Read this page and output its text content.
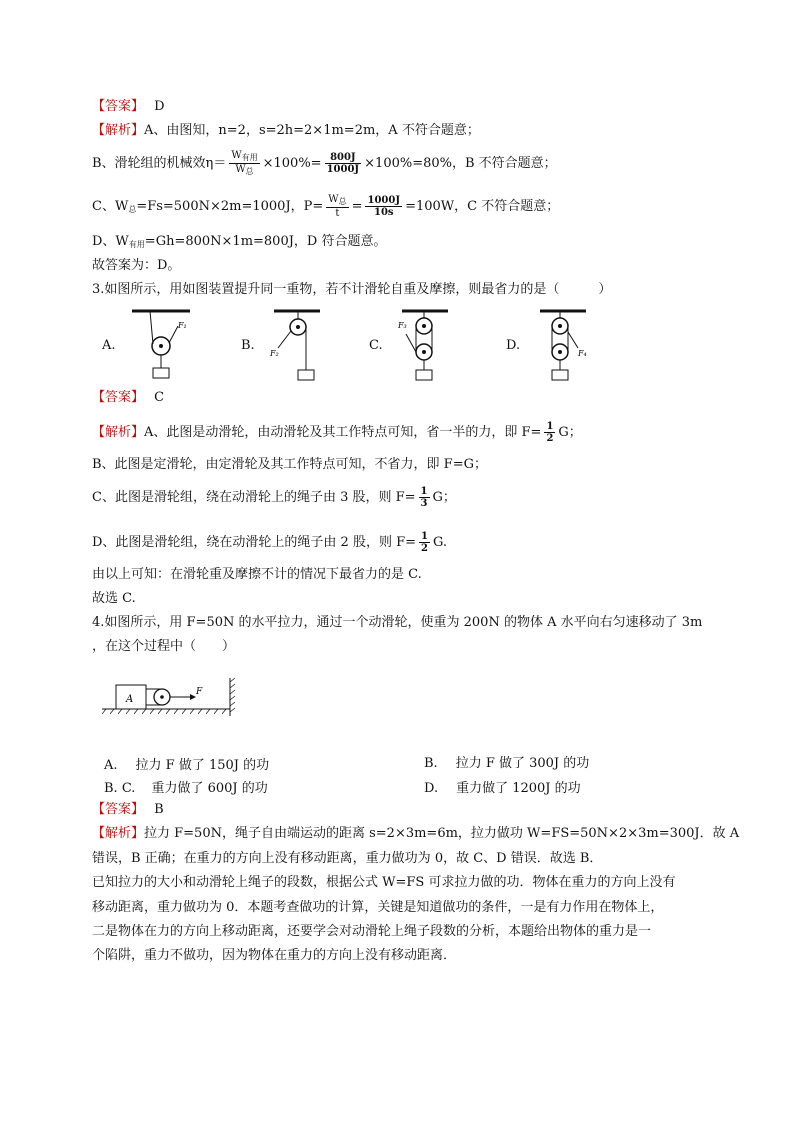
【答案】 D
【解析】A、由图知，n=2，s=2h=2×1m=2m，A 不符合题意；
B、滑轮组的机械效$\eta= \frac{W_{有用}}{W_总} \times 100\%= \frac{800J}{1000J} \times 100\%=80\%$，B 不符合题意；
C、$W_总=Fs=500N\times 2m=1000J$，$P= \frac{W_总}{t} = \frac{1000J}{10s} =100W$，C 不符合题意；
D、$W_{有用}=Gh=800N\times 1m=800J$，D 符合题意。
故答案为：D。
3.如图所示，用如图装置提升同一重物，若不计滑轮自重及摩擦，则最省力的是（　　　）
A.	B.	C.	D.
F₁
F₂
F₃
F₄
【答案】 C
【解析】A、此图是动滑轮，由动滑轮及其工作特点可知，省一半的力，即 $F= \frac{1}{2}$ G；
B、此图是定滑轮，由定滑轮及其工作特点可知，不省力，即 F=G；
C、此图是滑轮组，绕在动滑轮上的绳子由 3 股，则 $F= \frac{1}{3}$ G；
D、此图是滑轮组，绕在动滑轮上的绳子由 2 股，则 $F= \frac{1}{2} G$.
由以上可知：在滑轮重及摩擦不计的情况下最省力的是 C.
故选 C.
4.如图所示，用 F=50N 的水平拉力，通过一个动滑轮，使重为 200N 的物体 A 水平向右匀速移动了 3m
，在这个过程中（　　）
A
F
A. 拉力 F 做了 150J 的功	B. 拉力 F 做了 300J 的功
B. C. 重力做了 600J 的功	D. 重力做了 1200J 的功
【答案】 B
【解析】拉力 F=50N，绳子自由端运动的距离 s=2×3m=6m，拉力做功 W=FS=50N×2×3m=300J．故 A
错误，B 正确；在重力的方向上没有移动距离，重力做功为 0，故 C、D 错误．故选 B．
已知拉力的大小和动滑轮上绳子的段数，根据公式 W=FS 可求拉力做的功．物体在重力的方向上没有
移动距离，重力做功为 0．本题考查做功的计算，关键是知道做功的条件，一是有力作用在物体上，
二是物体在力的方向上移动距离，还要学会对动滑轮上绳子段数的分析，本题给出物体的重力是一
个陷阱，重力不做功，因为物体在重力的方向上没有移动距离．
